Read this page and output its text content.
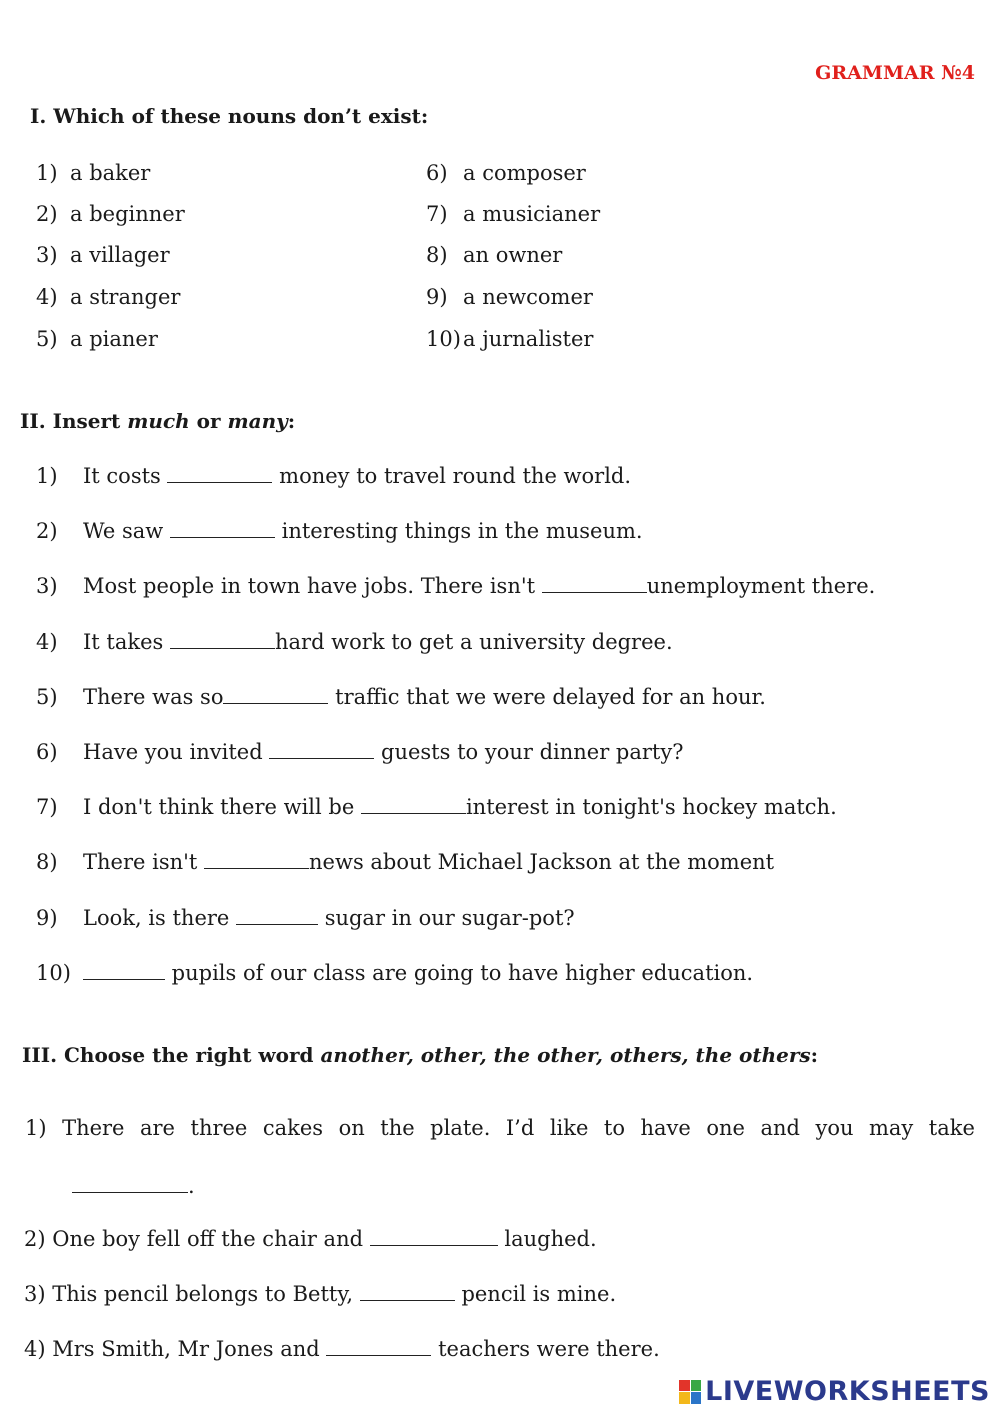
GRAMMAR №4
I. Which of these nouns don’t exist:
1) a baker
2) a beginner
3) a villager
4) a stranger
5) a pianer
6) a composer
7) a musicianer
8) an owner
9) a newcomer
10)a jurnalister
II. Insert much or many:
1) It costs	money to travel round the world.
2) We saw	interesting things in the museum.
3) Most people in town have jobs. There isn't	unemployment there.
4) It takes	hard work to get a university degree.
5) There was so	traffic that we were delayed for an hour.
6) Have you invited	guests to your dinner party?
7) I don't think there will be	interest in tonight's hockey match.
8) There isn't	news about Michael Jackson at the moment
9) Look, is there	sugar in our sugar-pot?
10)	pupils of our class are going to have higher education.
III. Choose the right word another, other, the other, others, the others:
1) There are three cakes on the plate. I’d like to have one and you may take
.
2) One boy fell off the chair and	laughed.
3) This pencil belongs to Betty,	pencil is mine.
4) Mrs Smith, Mr Jones and	teachers were there.
LIVEWORKSHEETS
